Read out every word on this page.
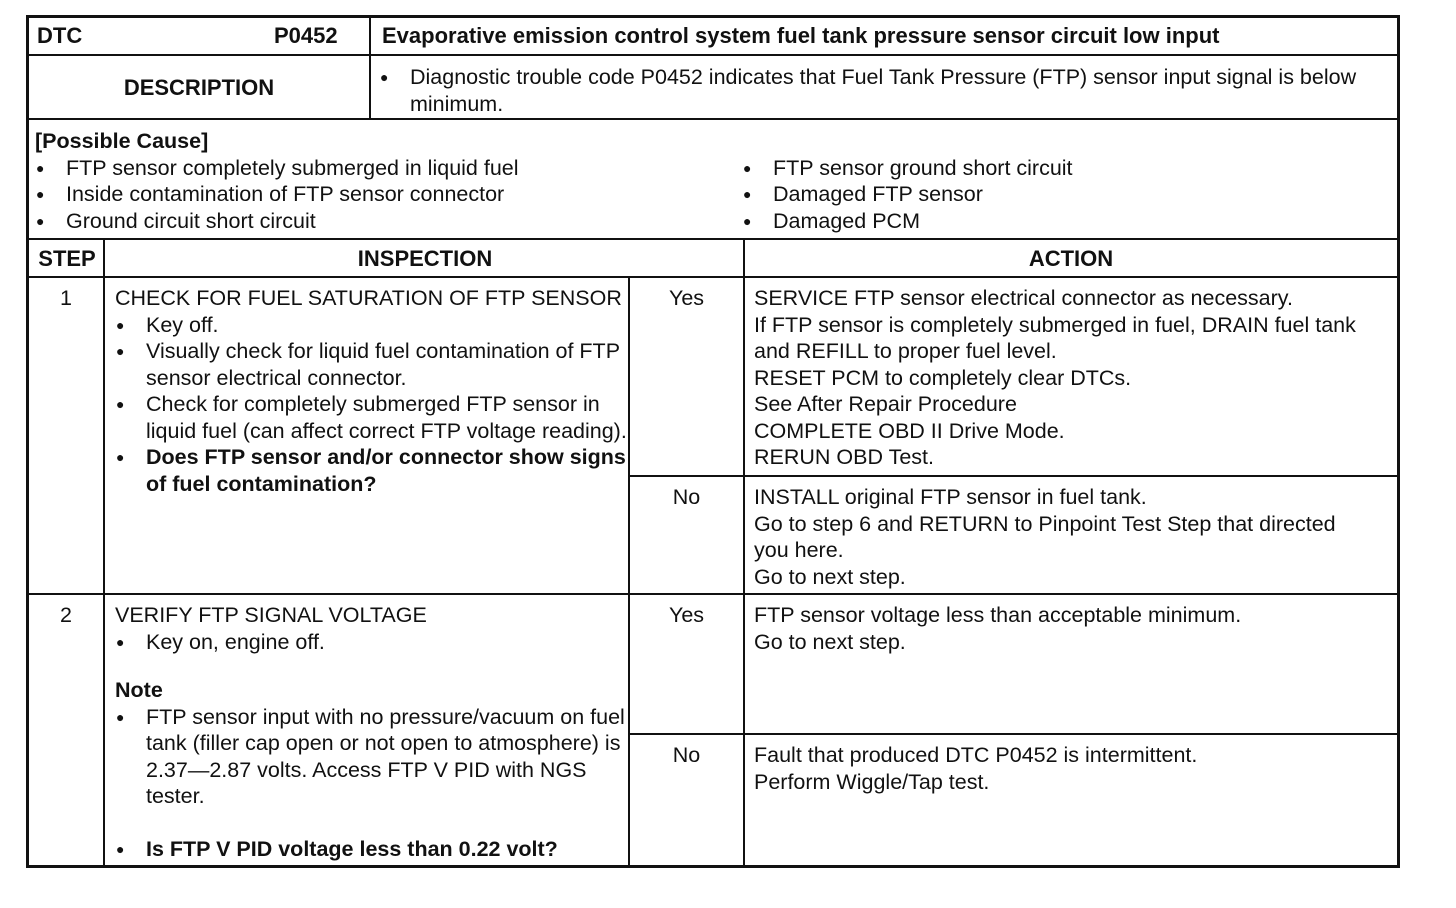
DTC	P0452	Evaporative emission control system fuel tank pressure sensor circuit low input
DESCRIPTION
●	Diagnostic trouble code P0452 indicates that Fuel Tank Pressure (FTP) sensor input signal is below minimum.
[Possible Cause]
● FTP sensor completely submerged in liquid fuel
● Inside contamination of FTP sensor connector
● Ground circuit short circuit
● FTP sensor ground short circuit
● Damaged FTP sensor
● Damaged PCM
STEP	INSPECTION	ACTION
1	CHECK FOR FUEL SATURATION OF FTP SENSOR
● Key off.
● Visually check for liquid fuel contamination of FTP sensor electrical connector.
● Check for completely submerged FTP sensor in liquid fuel (can affect correct FTP voltage reading).
● Does FTP sensor and/or connector show signs of fuel contamination?
Yes	SERVICE FTP sensor electrical connector as necessary.
If FTP sensor is completely submerged in fuel, DRAIN fuel tank and REFILL to proper fuel level.
RESET PCM to completely clear DTCs.
See After Repair Procedure
COMPLETE OBD II Drive Mode.
RERUN OBD Test.
No	INSTALL original FTP sensor in fuel tank.
Go to step 6 and RETURN to Pinpoint Test Step that directed you here.
Go to next step.
2	VERIFY FTP SIGNAL VOLTAGE
● Key on, engine off.
Note
● FTP sensor input with no pressure/vacuum on fuel tank (filler cap open or not open to atmosphere) is 2.37—2.87 volts. Access FTP V PID with NGS tester.
● Is FTP V PID voltage less than 0.22 volt?
Yes	FTP sensor voltage less than acceptable minimum.
Go to next step.
No	Fault that produced DTC P0452 is intermittent.
Perform Wiggle/Tap test.
